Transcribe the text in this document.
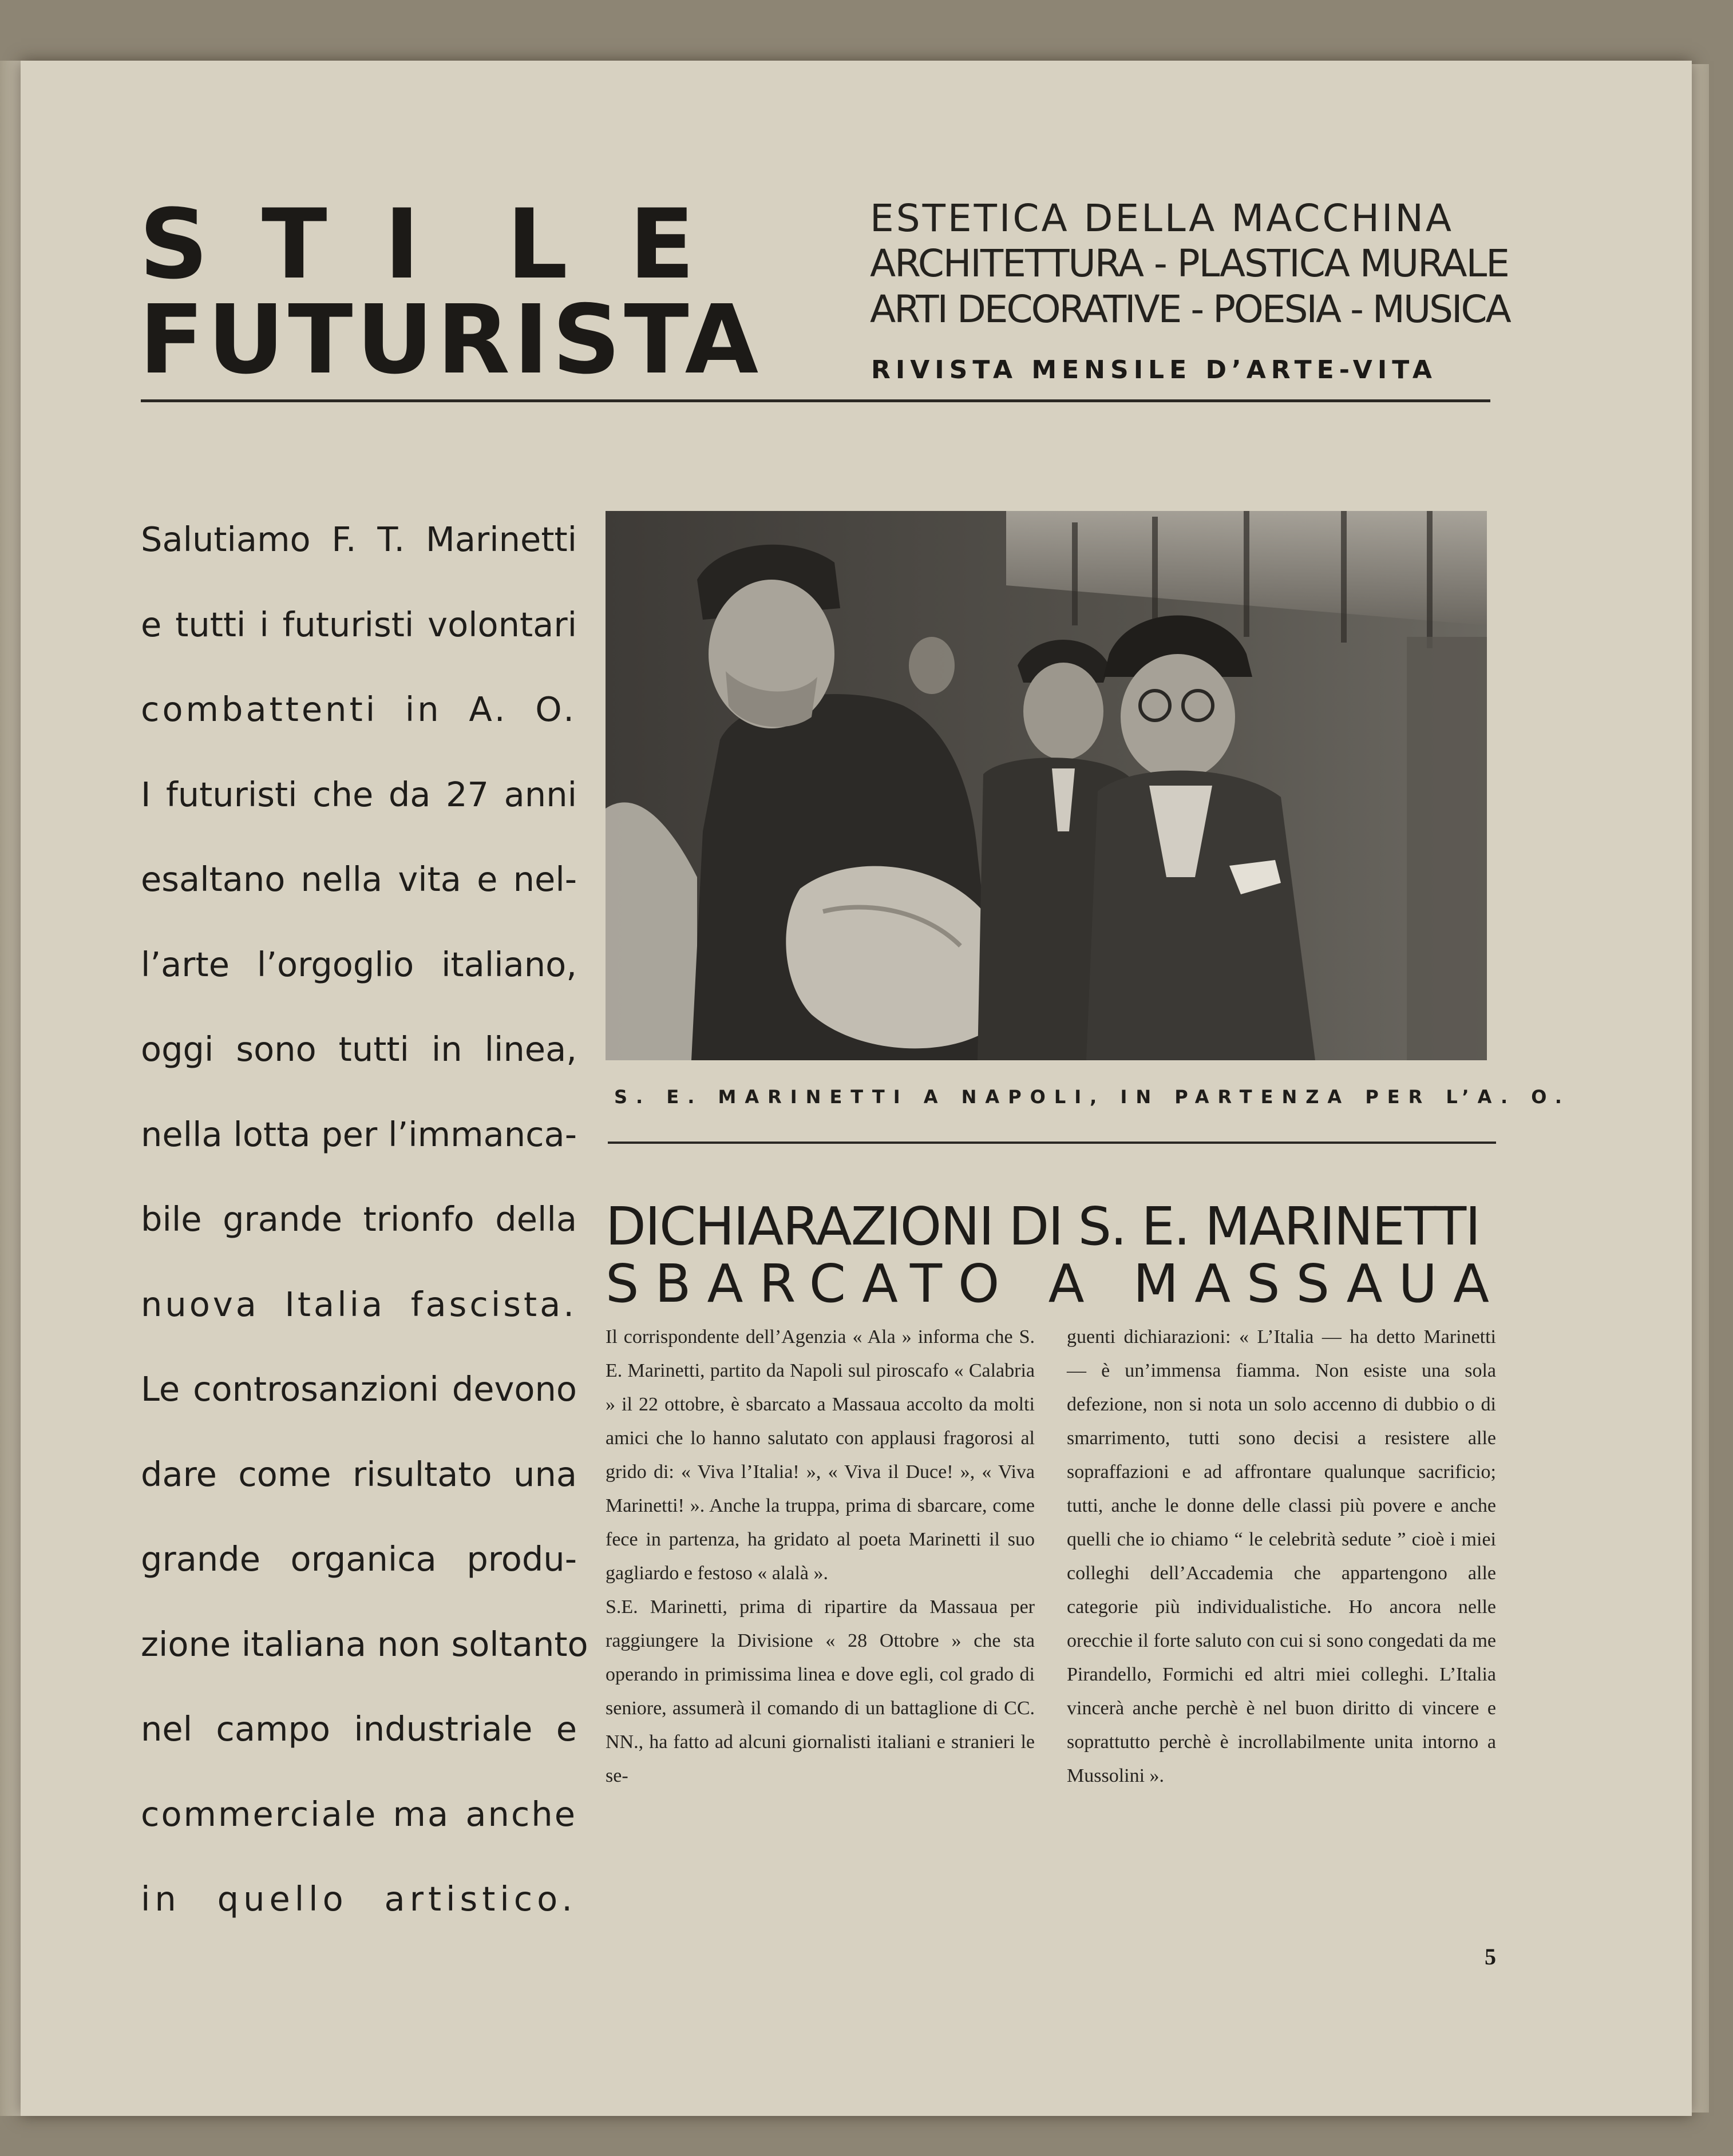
S T I L E
FUTURISTA
ESTETICA DELLA MACCHINA
ARCHITETTURA - PLASTICA MURALE
ARTI DECORATIVE - POESIA - MUSICA
RIVISTA MENSILE D’ARTE-VITA
Salutiamo F. T. Marinetti
e tutti i futuristi volontari
combattenti in A. O.
I futuristi che da 27 anni
esaltano nella vita e nel-
l’arte l’orgoglio italiano,
oggi sono tutti in linea,
nella lotta per l’immanca-
bile grande trionfo della
nuova Italia fascista.
Le controsanzioni devono
dare come risultato una
grande organica produ-
zione italiana non soltanto
nel campo industriale e
commerciale ma anche
in quello artistico.
S. E. MARINETTI A NAPOLI, IN PARTENZA PER L’A. O.
DICHIARAZIONI DI S. E. MARINETTI
SBARCATO A MASSAUA

Il corrispondente dell’Agenzia « Ala » informa che S. E. Marinetti, partito da Napoli sul piroscafo « Calabria » il 22 ottobre, è sbarcato a Massaua accolto da molti amici che lo hanno salutato con applausi fragorosi al grido di: « Viva l’Italia! », « Viva il Duce! », « Viva Marinetti! ». Anche la truppa, prima di sbarcare, come fece in partenza, ha gridato al poeta Marinetti il suo gagliardo e festoso « alalà ».

S.E. Marinetti, prima di ripartire da Massaua per raggiungere la Divisione « 28 Ottobre » che sta operando in primissima linea e dove egli, col grado di seniore, assumerà il comando di un battaglione di CC. NN., ha fatto ad alcuni giornalisti italiani e stranieri le se-

guenti dichiarazioni: « L’Italia — ha detto Marinetti — è un’immensa fiamma. Non esiste una sola defezione, non si nota un solo accenno di dubbio o di smarrimento, tutti sono decisi a resistere alle sopraffazioni e ad affrontare qualunque sacrificio; tutti, anche le donne delle classi più povere e anche quelli che io chiamo “ le celebrità sedute ” cioè i miei colleghi dell’Accademia che appartengono alle categorie più individualistiche. Ho ancora nelle orecchie il forte saluto con cui si sono congedati da me Pirandello, Formichi ed altri miei colleghi. L’Italia vincerà anche perchè è nel buon diritto di vincere e soprattutto perchè è incrollabilmente unita intorno a Mussolini ».

5
